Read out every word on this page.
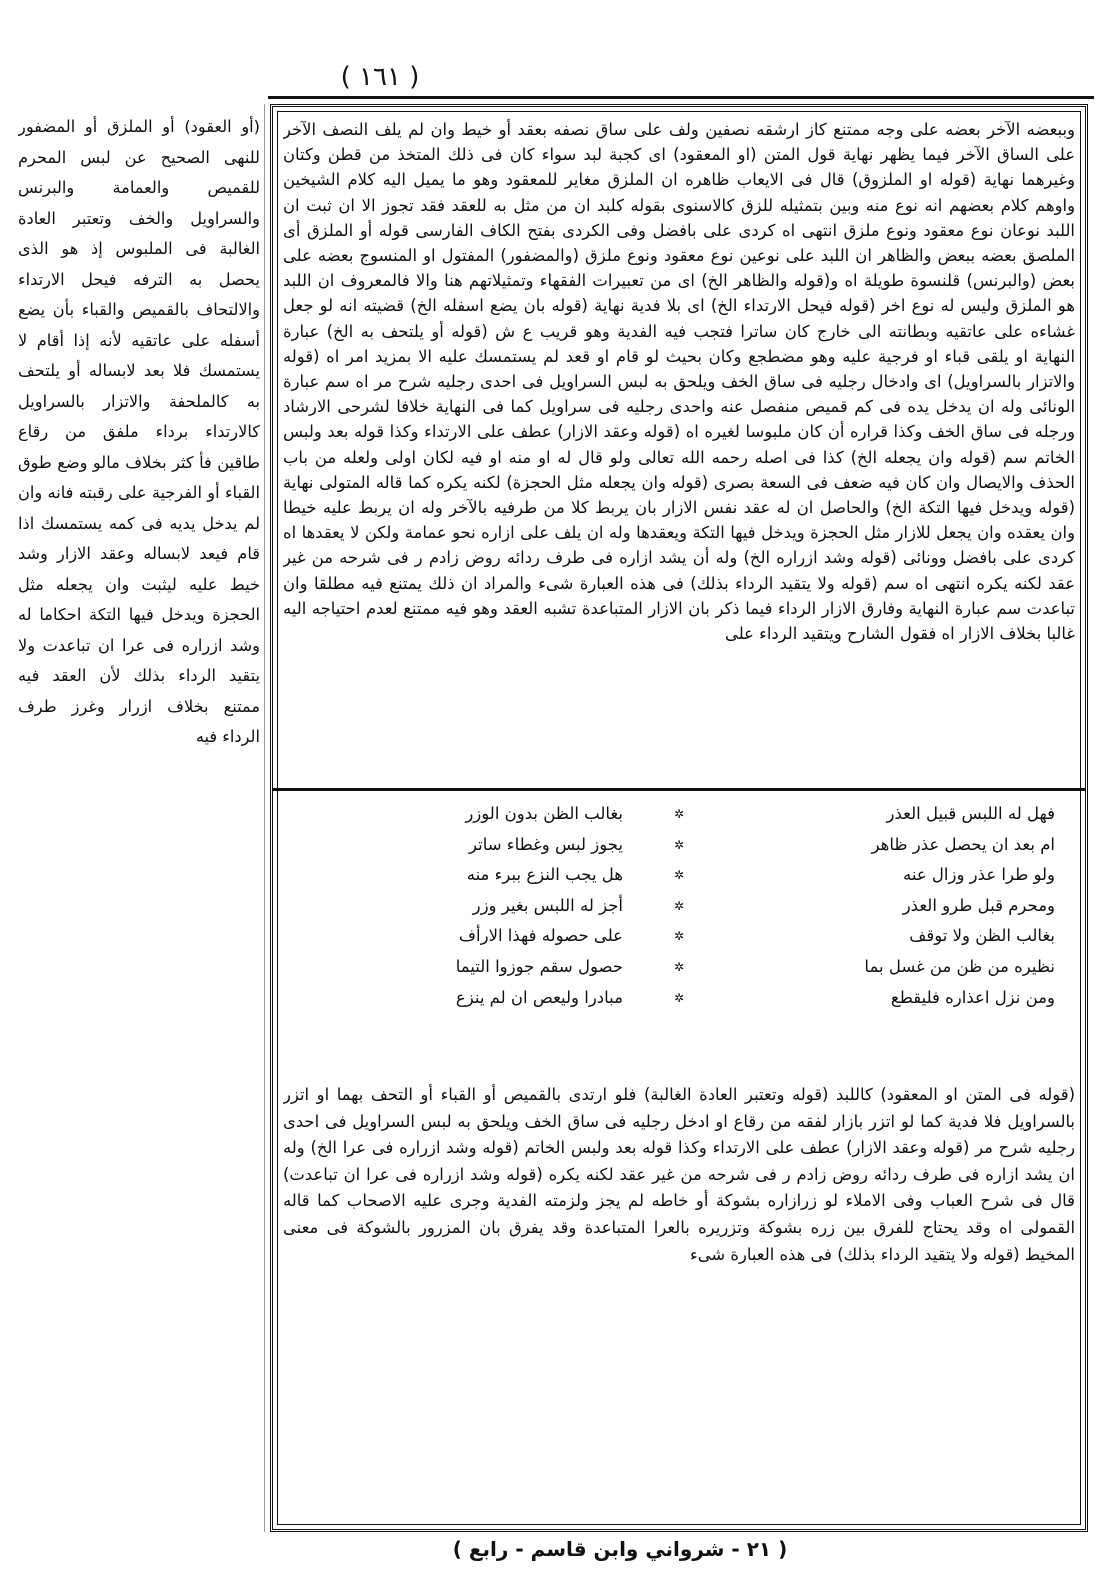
( ١٦١ )

(أو العقود) أو الملزق أو المضفور للنهى الصحيح عن لبس المحرم للقميص والعمامة والبرنس والسراويل والخف وتعتبر العادة الغالبة فى الملبوس إذ هو الذى يحصل به الترفه فيحل الارتداء والالتحاف بالقميص والقباء بأن يضع أسفله على عاتقيه لأنه إذا أقام لا يستمسك فلا بعد لابساله أو يلتحف به كالملحفة والاتزار بالسراويل كالارتداء برداء ملفق من رقاع طاقين فأ كثر بخلاف مالو وضع طوق القباء أو الفرجية على رقبته فانه وان لم يدخل يديه فى كمه يستمسك اذا قام فيعد لابساله وعقد الازار وشد خيط عليه ليثبت وان يجعله مثل الحجزة ويدخل فيها التكة احكاما له وشد ازراره فى عرا ان تباعدت ولا يتقيد الرداء بذلك لأن العقد فيه ممتنع بخلاف ازرار وغرز طرف الرداء فيه

وببعضه الآخر بعضه على وجه ممتنع كاز ارشقه نصفين ولف على ساق نصفه بعقد أو خيط وان لم يلف النصف الآخر على الساق الآخر فيما يظهر نهاية قول المتن (او المعقود) اى كجبة لبد سواء كان فى ذلك المتخذ من قطن وكتان وغيرهما نهاية (قوله او الملزوق) قال فى الايعاب ظاهره ان الملزق مغاير للمعقود وهو ما يميل اليه كلام الشيخين واوهم كلام بعضهم انه نوع منه وبين بتمثيله للزق كالاسنوى بقوله كلبد ان من مثل به للعقد فقد تجوز الا ان ثبت ان اللبد نوعان نوع معقود ونوع ملزق انتهى اه كردى على بافضل وفى الكردى بفتح الكاف الفارسى قوله أو الملزق أى الملصق بعضه ببعض والظاهر ان اللبد على نوعين نوع معقود ونوع ملزق (والمضفور) المفتول او المنسوج بعضه على بعض (والبرنس) قلنسوة طويلة اه و(قوله والظاهر الخ) اى من تعبيرات الفقهاء وتمثيلاتهم هنا والا فالمعروف ان اللبد هو الملزق وليس له نوع اخر (قوله فيحل الارتداء الخ) اى بلا فدية نهاية (قوله بان يضع اسفله الخ) قضيته انه لو جعل غشاءه على عاتقيه وبطانته الى خارج كان ساترا فتجب فيه الفدية وهو قريب ع ش (قوله أو يلتحف به الخ) عبارة النهاية او يلقى قباء او فرجية عليه وهو مضطجع وكان بحيث لو قام او قعد لم يستمسك عليه الا بمزيد امر اه (قوله والاتزار بالسراويل) اى وادخال رجليه فى ساق الخف ويلحق به لبس السراويل فى احدى رجليه شرح مر اه سم عبارة الونائى وله ان يدخل يده فى كم قميص منفصل عنه واحدى رجليه فى سراويل كما فى النهاية خلافا لشرحى الارشاد ورجله فى ساق الخف وكذا قراره أن كان ملبوسا لغيره اه (قوله وعقد الازار) عطف على الارتداء وكذا قوله بعد ولبس الخاتم سم (قوله وان يجعله الخ) كذا فى اصله رحمه الله تعالى ولو قال له او منه او فيه لكان اولى ولعله من باب الحذف والايصال وان كان فيه ضعف فى السعة بصرى (قوله وان يجعله مثل الحجزة) لكنه يكره كما قاله المتولى نهاية (قوله ويدخل فيها التكة الخ) والحاصل ان له عقد نفس الازار بان يربط كلا من طرفيه بالآخر وله ان يربط عليه خيطا وان يعقده وان يجعل للازار مثل الحجزة ويدخل فيها التكة ويعقدها وله ان يلف على ازاره نحو عمامة ولكن لا يعقدها اه كردى على بافضل وونائى (قوله وشد ازراره الخ) وله أن يشد ازاره فى طرف ردائه روض زادم ر فى شرحه من غير عقد لكنه يكره انتهى اه سم (قوله ولا يتقيد الرداء بذلك) فى هذه العبارة شىء والمراد ان ذلك يمتنع فيه مطلقا وان تباعدت سم عبارة النهاية وفارق الازار الرداء فيما ذكر بان الازار المتباعدة تشبه العقد وهو فيه ممتنع لعدم احتياجه اليه غالبا بخلاف الازار اه فقول الشارح ويتقيد الرداء على

فهل له اللبس قبيل العذر
✲
بغالب الظن بدون الوزر
ام بعد ان يحصل عذر ظاهر
✲
يجوز لبس وغطاء ساتر
ولو طرا عذر وزال عنه
✲
هل يجب النزع ببرء منه
ومحرم قبل طرو العذر
✲
أجز له اللبس بغير وزر
بغالب الظن ولا توقف
✲
على حصوله فهذا الارأف
نظيره من ظن من غسل بما
✲
حصول سقم جوزوا التيما
ومن نزل اعذاره فليقطع
✲
مبادرا وليعص ان لم ينزع

(قوله فى المتن او المعقود) كاللبد (قوله وتعتبر العادة الغالبة) فلو ارتدى بالقميص أو القباء أو التحف بهما او اتزر بالسراويل فلا فدية كما لو اتزر بازار لفقه من رقاع او ادخل رجليه فى ساق الخف ويلحق به لبس السراويل فى احدى رجليه شرح مر (قوله وعقد الازار) عطف على الارتداء وكذا قوله بعد ولبس الخاتم (قوله وشد ازراره فى عرا الخ) وله ان يشد ازاره فى طرف ردائه روض زادم ر فى شرحه من غير عقد لكنه يكره (قوله وشد ازراره فى عرا ان تباعدت) قال فى شرح العباب وفى الاملاء لو زرازاره بشوكة أو خاطه لم يجز ولزمته الفدية وجرى عليه الاصحاب كما قاله القمولى اه وقد يحتاج للفرق بين زره بشوكة وتزريره بالعرا المتباعدة وقد يفرق بان المزرور بالشوكة فى معنى المخيط (قوله ولا يتقيد الرداء بذلك) فى هذه العبارة شىء

( ٢١ - شرواني وابن قاسم - رابع )
